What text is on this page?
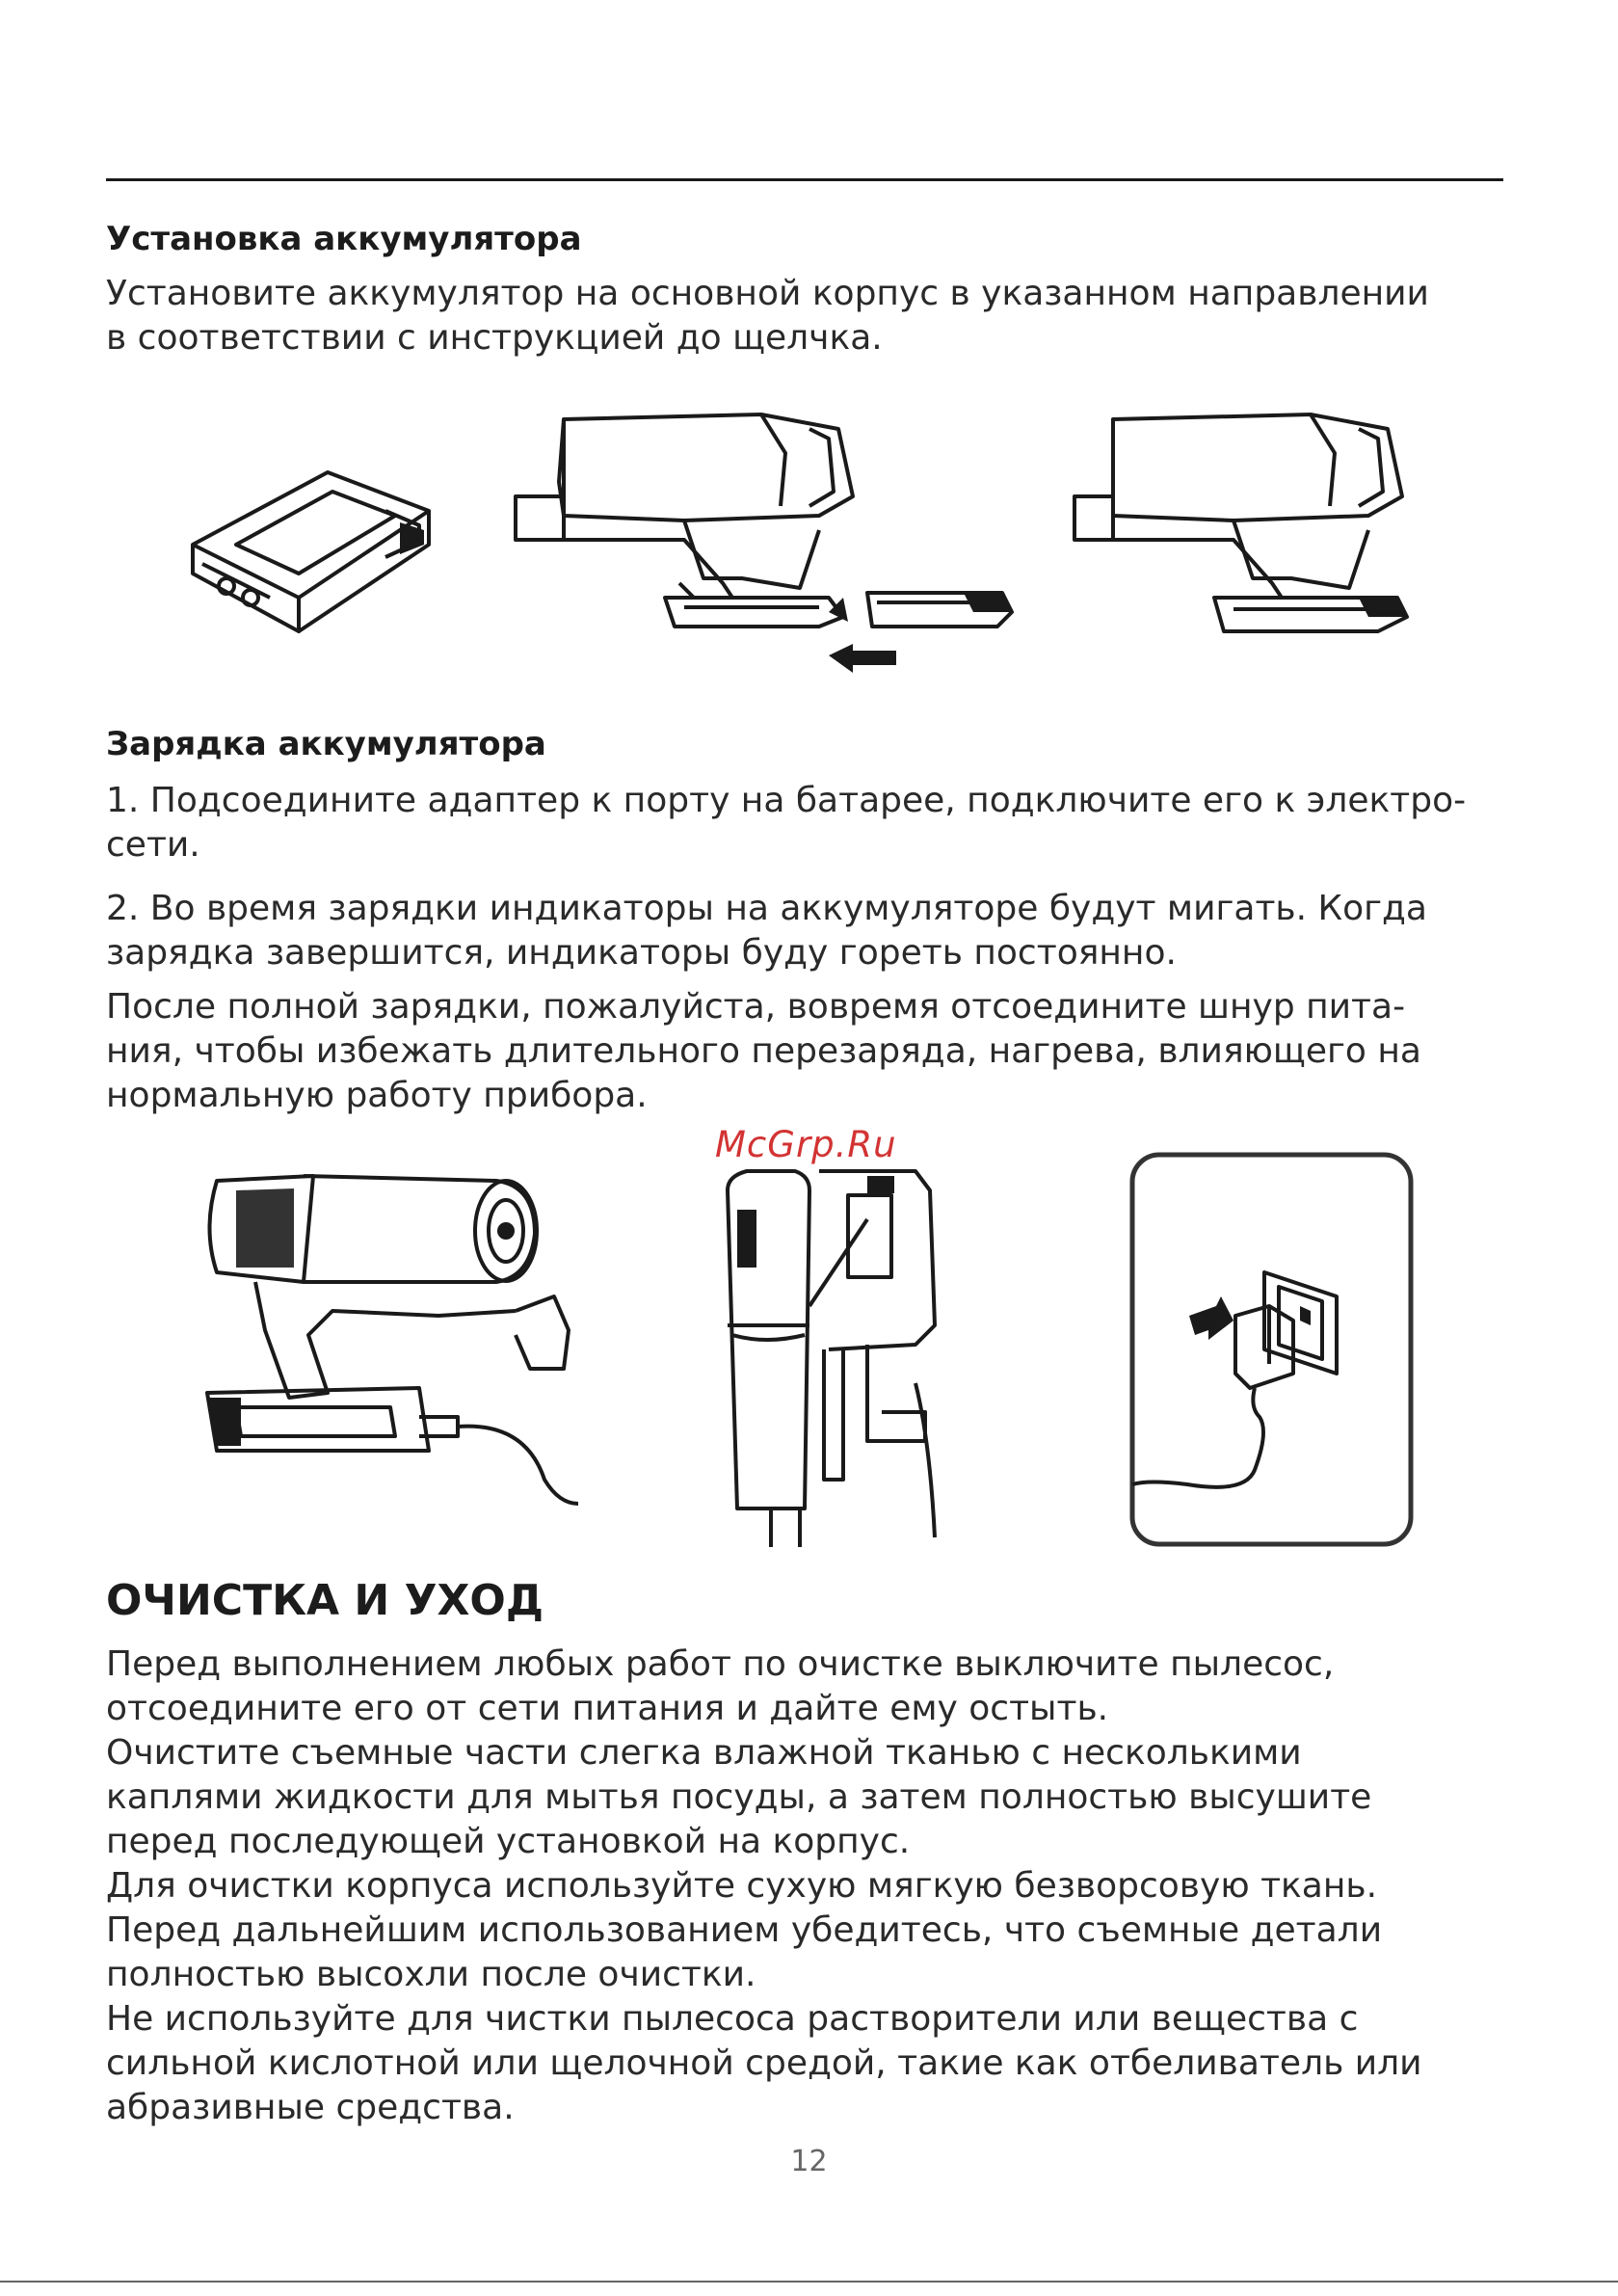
Установка аккумулятора

Установите аккумулятор на основной корпус в указанном направлении
в соответствии с инструкцией до щелчка.

Зарядка аккумулятора

1. Подсоедините адаптер к порту на батарее, подключите его к электро-
сети.

2. Во время зарядки индикаторы на аккумуляторе будут мигать. Когда
зарядка завершится, индикаторы буду гореть постоянно.

После полной зарядки, пожалуйста, вовремя отсоедините шнур пита-
ния, чтобы избежать длительного перезаряда, нагрева, влияющего на
нормальную работу прибора.

McGrp.Ru
ОЧИСТКА И УХОД

Перед выполнением любых работ по очистке выключите пылесос,
отсоедините его от сети питания и дайте ему остыть.
Очистите съемные части слегка влажной тканью с несколькими
каплями жидкости для мытья посуды, а затем полностью высушите
перед последующей установкой на корпус.
Для очистки корпуса используйте сухую мягкую безворсовую ткань.
Перед дальнейшим использованием убедитесь, что съемные детали
полностью высохли после очистки.
Не используйте для чистки пылесоса растворители или вещества с
сильной кислотной или щелочной средой, такие как отбеливатель или
абразивные средства.

12
